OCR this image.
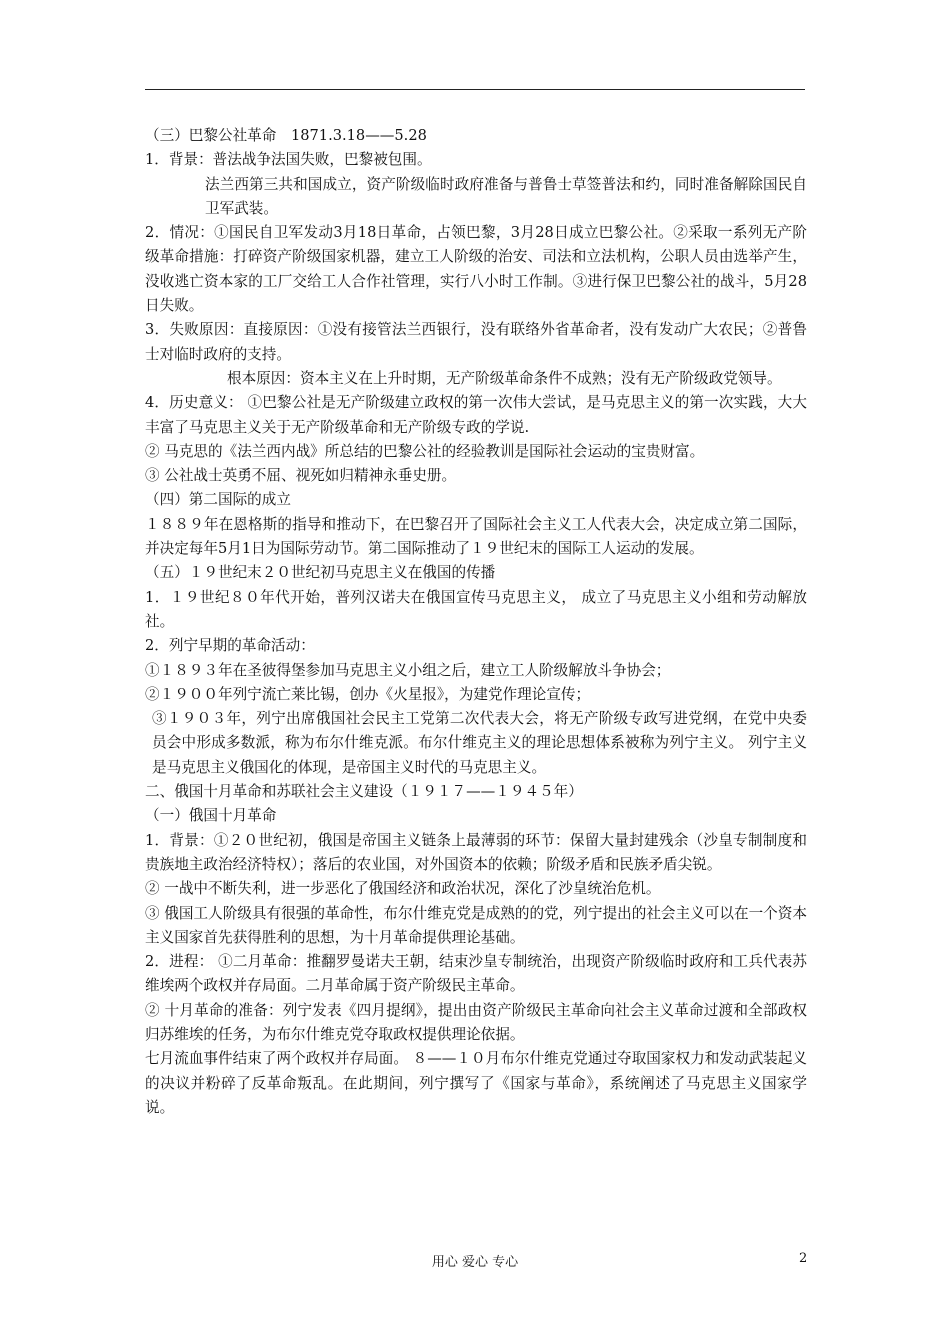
（三）巴黎公社革命　1871.3.18——5.28

1．背景：普法战争法国失败，巴黎被包围。

法兰西第三共和国成立，资产阶级临时政府准备与普鲁士草签普法和约，同时准备解除国民自卫军武装。

2．情况：①国民自卫军发动3月18日革命，占领巴黎，3月28日成立巴黎公社。②采取一系列无产阶级革命措施：打碎资产阶级国家机器，建立工人阶级的治安、司法和立法机构，公职人员由选举产生，没收逃亡资本家的工厂交给工人合作社管理，实行八小时工作制。③进行保卫巴黎公社的战斗，5月28日失败。

3．失败原因：直接原因：①没有接管法兰西银行，没有联络外省革命者，没有发动广大农民；②普鲁士对临时政府的支持。

根本原因：资本主义在上升时期，无产阶级革命条件不成熟；没有无产阶级政党领导。

4．历史意义： ①巴黎公社是无产阶级建立政权的第一次伟大尝试，是马克思主义的第一次实践，大大丰富了马克思主义关于无产阶级革命和无产阶级专政的学说.

② 马克思的《法兰西内战》所总结的巴黎公社的经验教训是国际社会运动的宝贵财富。

③ 公社战士英勇不屈、视死如归精神永垂史册。

（四）第二国际的成立

１８８９年在恩格斯的指导和推动下，在巴黎召开了国际社会主义工人代表大会，决定成立第二国际，并决定每年5月1日为国际劳动节。第二国际推动了１９世纪末的国际工人运动的发展。

（五）１９世纪末２０世纪初马克思主义在俄国的传播

1．１９世纪８０年代开始，普列汉诺夫在俄国宣传马克思主义， 成立了马克思主义小组和劳动解放社。

2．列宁早期的革命活动：

①１８９３年在圣彼得堡参加马克思主义小组之后，建立工人阶级解放斗争协会；

②１９００年列宁流亡莱比锡，创办《火星报》，为建党作理论宣传；

③１９０３年，列宁出席俄国社会民主工党第二次代表大会，将无产阶级专政写进党纲，在党中央委员会中形成多数派，称为布尔什维克派。布尔什维克主义的理论思想体系被称为列宁主义。 列宁主义是马克思主义俄国化的体现，是帝国主义时代的马克思主义。

二、俄国十月革命和苏联社会主义建设（１９１７——１９４５年）

（一）俄国十月革命

1．背景：①２０世纪初，俄国是帝国主义链条上最薄弱的环节：保留大量封建残余（沙皇专制制度和贵族地主政治经济特权）；落后的农业国，对外国资本的依赖；阶级矛盾和民族矛盾尖锐。

② 一战中不断失利，进一步恶化了俄国经济和政治状况，深化了沙皇统治危机。

③ 俄国工人阶级具有很强的革命性，布尔什维克党是成熟的的党，列宁提出的社会主义可以在一个资本主义国家首先获得胜利的思想，为十月革命提供理论基础。

2．进程： ①二月革命：推翻罗曼诺夫王朝，结束沙皇专制统治，出现资产阶级临时政府和工兵代表苏维埃两个政权并存局面。二月革命属于资产阶级民主革命。

② 十月革命的准备：列宁发表《四月提纲》，提出由资产阶级民主革命向社会主义革命过渡和全部政权归苏维埃的任务，为布尔什维克党夺取政权提供理论依据。

七月流血事件结束了两个政权并存局面。 ８——１０月布尔什维克党通过夺取国家权力和发动武装起义的决议并粉碎了反革命叛乱。在此期间，列宁撰写了《国家与革命》，系统阐述了马克思主义国家学说。

用心 爱心 专心	2
